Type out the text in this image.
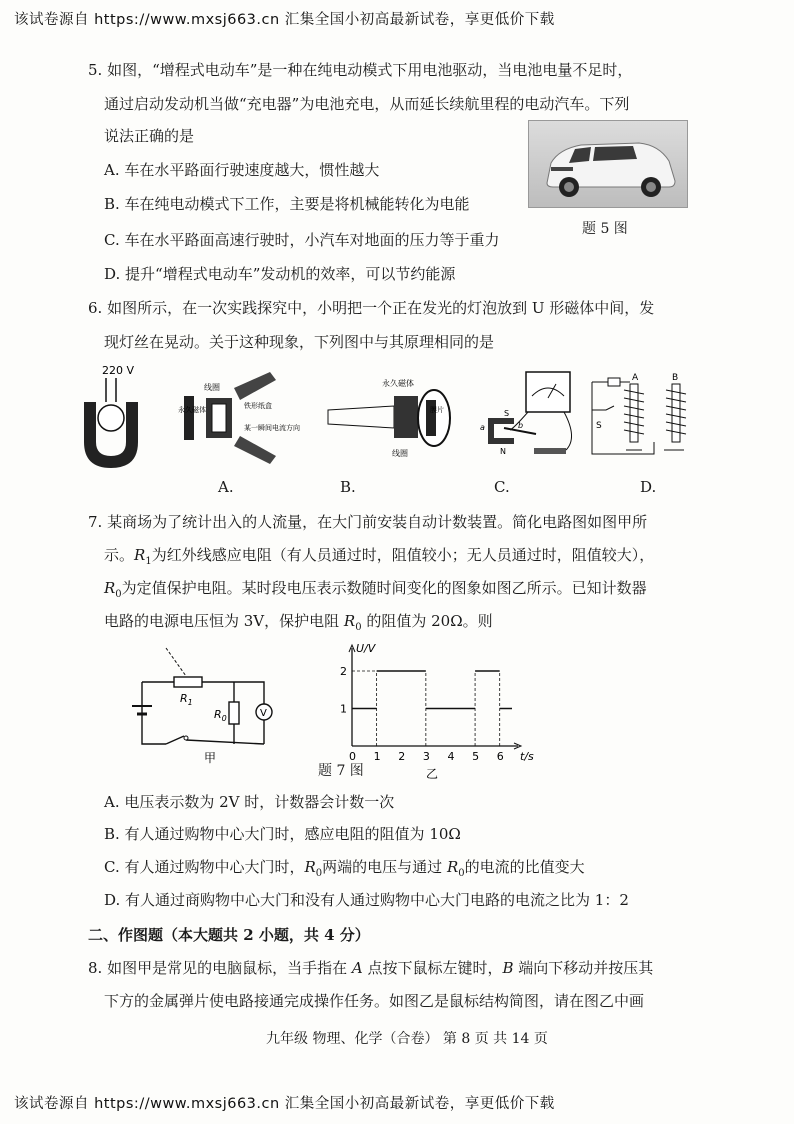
该试卷源自 https://www.mxsj663.cn 汇集全国小初高最新试卷，享更低价下载
5. 如图，“增程式电动车”是一种在纯电动模式下用电池驱动，当电池电量不足时，
通过启动发动机当做“充电器”为电池充电，从而延长续航里程的电动汽车。下列
说法正确的是
A. 车在水平路面行驶速度越大，惯性越大
B. 车在纯电动模式下工作，主要是将机械能转化为电能
C. 车在水平路面高速行驶时，小汽车对地面的压力等于重力
D. 提升“增程式电动车”发动机的效率，可以节约能源
题 5 图
6. 如图所示，在一次实践探究中，小明把一个正在发光的灯泡放到 U 形磁体中间，发
现灯丝在晃动。关于这种现象，下列图中与其原理相同的是
220 V
线圈
永久磁体	铁形纸盒
某一瞬间电流方向
永久磁体
膜片
线圈
S
N
a	b
A	B
S
A.	B.	C.	D.
7. 某商场为了统计出入的人流量，在大门前安装自动计数装置。简化电路图如图甲所
示。$R_1$为红外线感应电阻（有人员通过时，阻值较小；无人员通过时，阻值较大），
$R_0$为定值保护电阻。某时段电压表示数随时间变化的图象如图乙所示。已知计数器
电路的电源电压恒为 3V，保护电阻 $R_0$ 的阻值为 20Ω。则
V
$R_1$
$R_0$
甲	0 1 2 3 4 5 6
1
2
U/V
t/s
乙
题 7 图
A. 电压表示数为 2V 时，计数器会计数一次
B. 有人通过购物中心大门时，感应电阻的阻值为 10Ω
C. 有人通过购物中心大门时，$R_0$两端的电压与通过 $R_0$的电流的比值变大
D. 有人通过商购物中心大门和没有人通过购物中心大门电路的电流之比为 1：2
二、作图题（本大题共 2 小题，共 4 分）
8. 如图甲是常见的电脑鼠标，当手指在 A 点按下鼠标左键时，B 端向下移动并按压其
下方的金属弹片使电路接通完成操作任务。如图乙是鼠标结构简图，请在图乙中画
九年级 物理、化学（合卷） 第 8 页 共 14 页
该试卷源自 https://www.mxsj663.cn 汇集全国小初高最新试卷，享更低价下载
